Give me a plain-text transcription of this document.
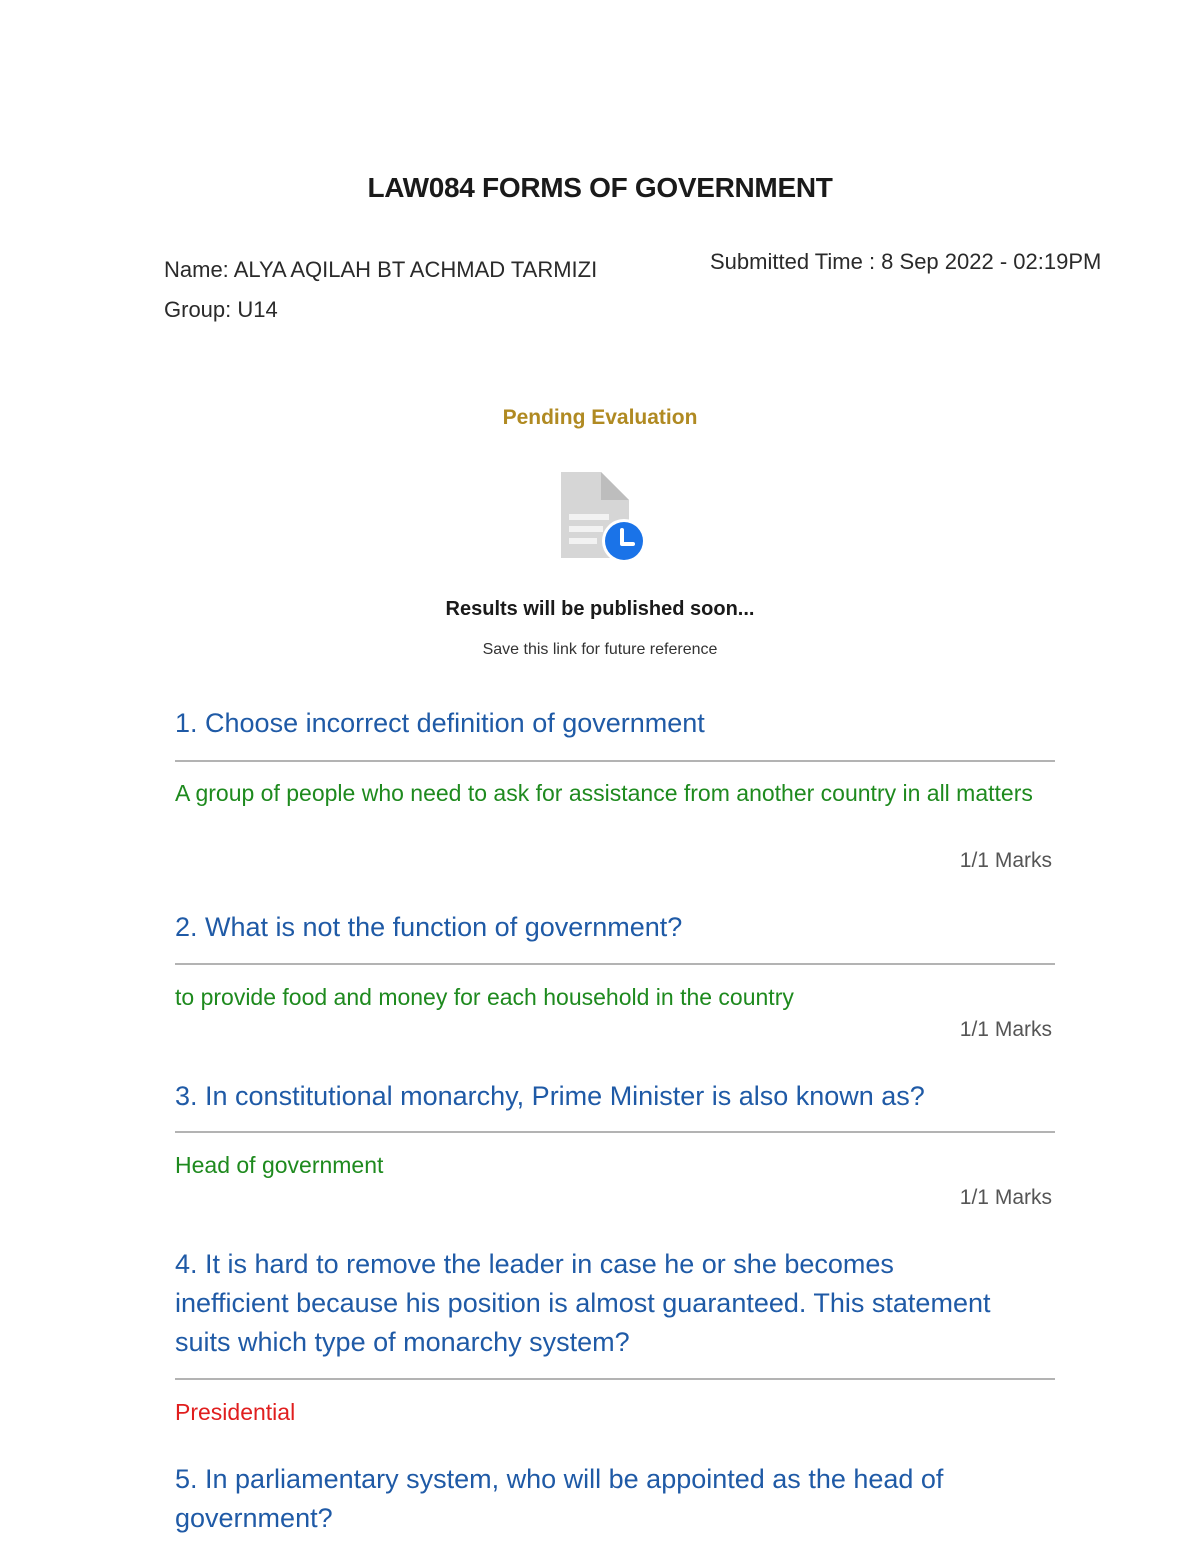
LAW084 FORMS OF GOVERNMENT
Name: ALYA AQILAH BT ACHMAD TARMIZI
Group: U14
Submitted Time : 8 Sep 2022 - 02:19PM
Pending Evaluation
Results will be published soon...
Save this link for future reference
1. Choose incorrect definition of government
A group of people who need to ask for assistance from another country in all matters
1/1 Marks
2. What is not the function of government?
to provide food and money for each household in the country
1/1 Marks
3. In constitutional monarchy, Prime Minister is also known as?
Head of government
1/1 Marks
4. It is hard to remove the leader in case he or she becomes inefficient because his position is almost guaranteed. This statement suits which type of monarchy system?
Presidential
5. In parliamentary system, who will be appointed as the head of government?
